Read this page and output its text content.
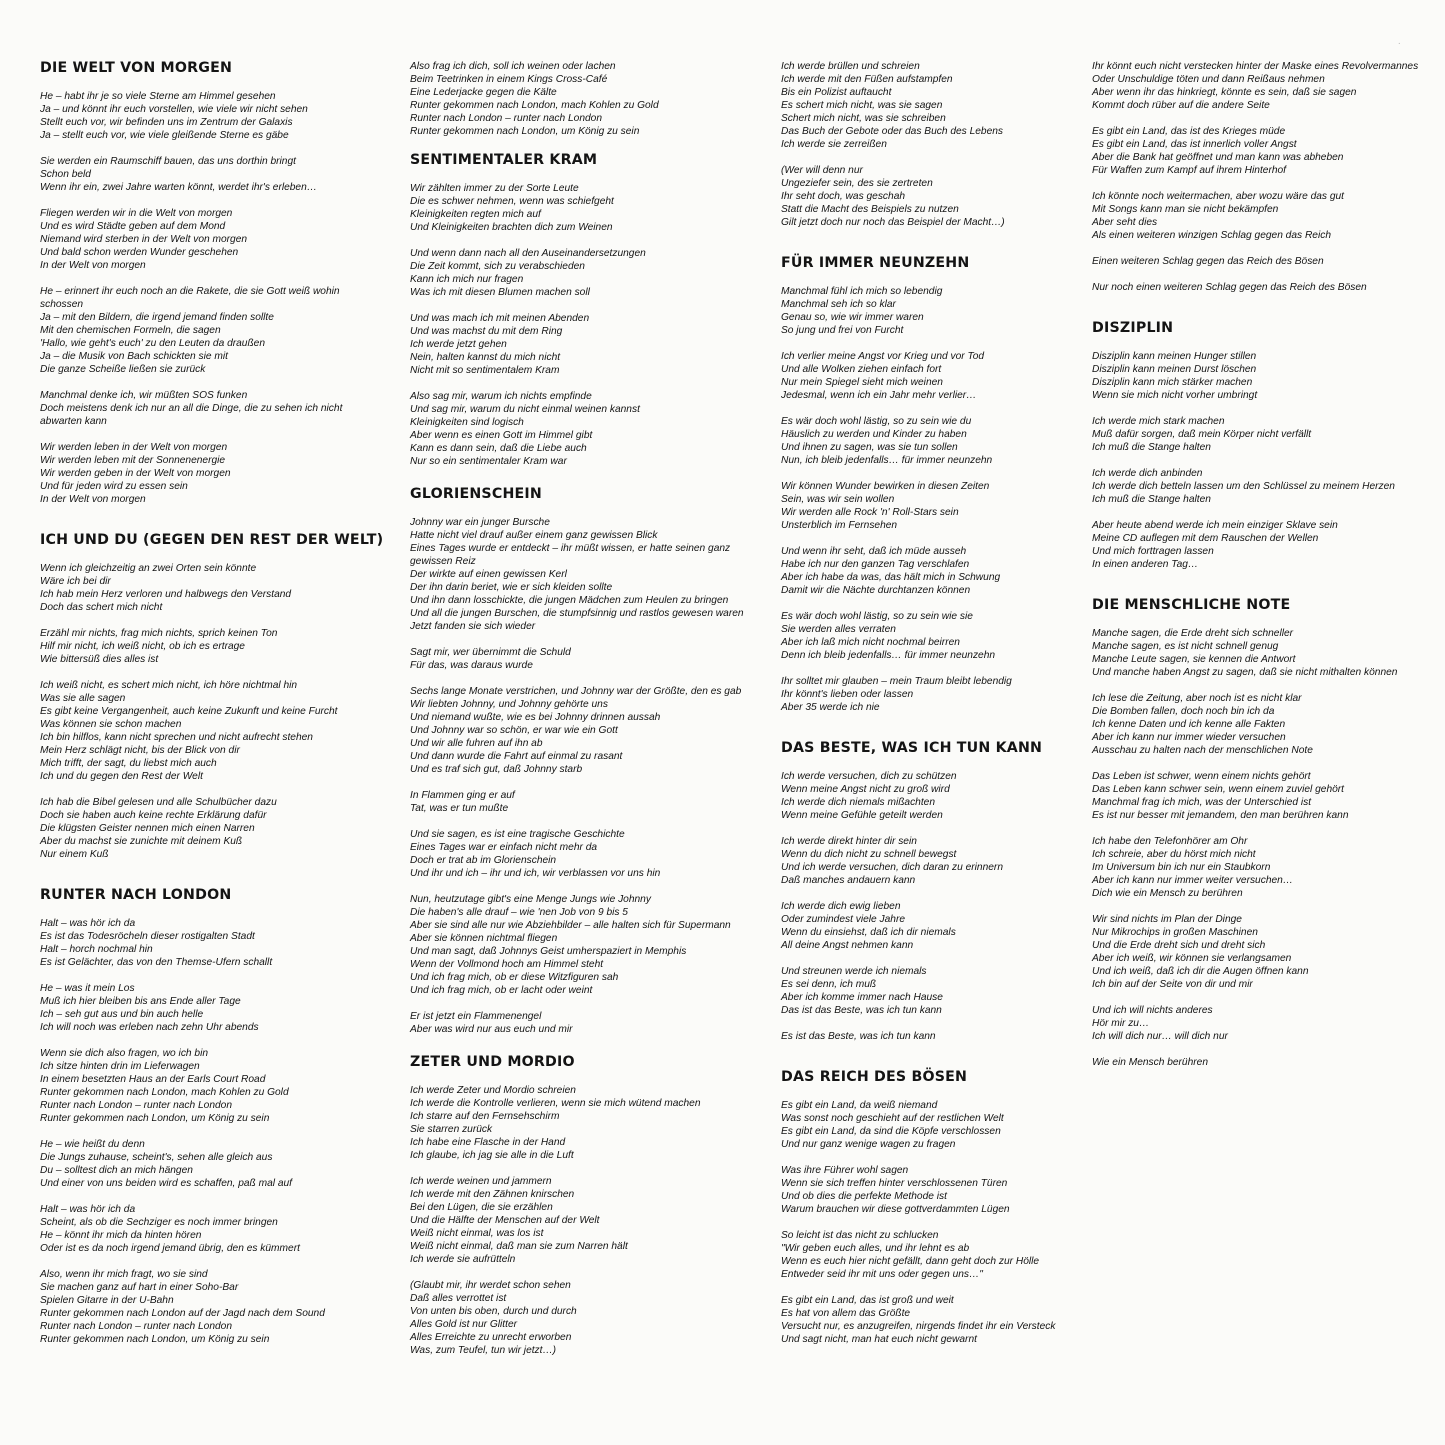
·
DIE WELT VON MORGEN
He – habt ihr je so viele Sterne am Himmel gesehen
Ja – und könnt ihr euch vorstellen, wie viele wir nicht sehen
Stellt euch vor, wir befinden uns im Zentrum der Galaxis
Ja – stellt euch vor, wie viele gleißende Sterne es gäbe
Sie werden ein Raumschiff bauen, das uns dorthin bringt
Schon beld
Wenn ihr ein, zwei Jahre warten könnt, werdet ihr's erleben…
Fliegen werden wir in die Welt von morgen
Und es wird Städte geben auf dem Mond
Niemand wird sterben in der Welt von morgen
Und bald schon werden Wunder geschehen
In der Welt von morgen
He – erinnert ihr euch noch an die Rakete, die sie Gott weiß wohin
schossen
Ja – mit den Bildern, die irgend jemand finden sollte
Mit den chemischen Formeln, die sagen
'Hallo, wie geht's euch' zu den Leuten da draußen
Ja – die Musik von Bach schickten sie mit
Die ganze Scheiße ließen sie zurück
Manchmal denke ich, wir müßten SOS funken
Doch meistens denk ich nur an all die Dinge, die zu sehen ich nicht
abwarten kann
Wir werden leben in der Welt von morgen
Wir werden leben mit der Sonnenenergie
Wir werden geben in der Welt von morgen
Und für jeden wird zu essen sein
In der Welt von morgen
ICH UND DU (GEGEN DEN REST DER WELT)
Wenn ich gleichzeitig an zwei Orten sein könnte
Wäre ich bei dir
Ich hab mein Herz verloren und halbwegs den Verstand
Doch das schert mich nicht
Erzähl mir nichts, frag mich nichts, sprich keinen Ton
Hilf mir nicht, ich weiß nicht, ob ich es ertrage
Wie bittersüß dies alles ist
Ich weiß nicht, es schert mich nicht, ich höre nichtmal hin
Was sie alle sagen
Es gibt keine Vergangenheit, auch keine Zukunft und keine Furcht
Was können sie schon machen
Ich bin hilflos, kann nicht sprechen und nicht aufrecht stehen
Mein Herz schlägt nicht, bis der Blick von dir
Mich trifft, der sagt, du liebst mich auch
Ich und du gegen den Rest der Welt
Ich hab die Bibel gelesen und alle Schulbücher dazu
Doch sie haben auch keine rechte Erklärung dafür
Die klügsten Geister nennen mich einen Narren
Aber du machst sie zunichte mit deinem Kuß
Nur einem Kuß
RUNTER NACH LONDON
Halt – was hör ich da
Es ist das Todesröcheln dieser rostigalten Stadt
Halt – horch nochmal hin
Es ist Gelächter, das von den Themse-Ufern schallt
He – was it mein Los
Muß ich hier bleiben bis ans Ende aller Tage
Ich – seh gut aus und bin auch helle
Ich will noch was erleben nach zehn Uhr abends
Wenn sie dich also fragen, wo ich bin
Ich sitze hinten drin im Lieferwagen
In einem besetzten Haus an der Earls Court Road
Runter gekommen nach London, mach Kohlen zu Gold
Runter nach London – runter nach London
Runter gekommen nach London, um König zu sein
He – wie heißt du denn
Die Jungs zuhause, scheint's, sehen alle gleich aus
Du – solltest dich an mich hängen
Und einer von uns beiden wird es schaffen, paß mal auf
Halt – was hör ich da
Scheint, als ob die Sechziger es noch immer bringen
He – könnt ihr mich da hinten hören
Oder ist es da noch irgend jemand übrig, den es kümmert
Also, wenn ihr mich fragt, wo sie sind
Sie machen ganz auf hart in einer Soho-Bar
Spielen Gitarre in der U-Bahn
Runter gekommen nach London auf der Jagd nach dem Sound
Runter nach London – runter nach London
Runter gekommen nach London, um König zu sein
Also frag ich dich, soll ich weinen oder lachen
Beim Teetrinken in einem Kings Cross-Café
Eine Lederjacke gegen die Kälte
Runter gekommen nach London, mach Kohlen zu Gold
Runter nach London – runter nach London
Runter gekommen nach London, um König zu sein
SENTIMENTALER KRAM
Wir zählten immer zu der Sorte Leute
Die es schwer nehmen, wenn was schiefgeht
Kleinigkeiten regten mich auf
Und Kleinigkeiten brachten dich zum Weinen
Und wenn dann nach all den Auseinandersetzungen
Die Zeit kommt, sich zu verabschieden
Kann ich mich nur fragen
Was ich mit diesen Blumen machen soll
Und was mach ich mit meinen Abenden
Und was machst du mit dem Ring
Ich werde jetzt gehen
Nein, halten kannst du mich nicht
Nicht mit so sentimentalem Kram
Also sag mir, warum ich nichts empfinde
Und sag mir, warum du nicht einmal weinen kannst
Kleinigkeiten sind logisch
Aber wenn es einen Gott im Himmel gibt
Kann es dann sein, daß die Liebe auch
Nur so ein sentimentaler Kram war
GLORIENSCHEIN
Johnny war ein junger Bursche
Hatte nicht viel drauf außer einem ganz gewissen Blick
Eines Tages wurde er entdeckt – ihr müßt wissen, er hatte seinen ganz
gewissen Reiz
Der wirkte auf einen gewissen Kerl
Der ihn darin beriet, wie er sich kleiden sollte
Und ihn dann losschickte, die jungen Mädchen zum Heulen zu bringen
Und all die jungen Burschen, die stumpfsinnig und rastlos gewesen waren
Jetzt fanden sie sich wieder
Sagt mir, wer übernimmt die Schuld
Für das, was daraus wurde
Sechs lange Monate verstrichen, und Johnny war der Größte, den es gab
Wir liebten Johnny, und Johnny gehörte uns
Und niemand wußte, wie es bei Johnny drinnen aussah
Und Johnny war so schön, er war wie ein Gott
Und wir alle fuhren auf ihn ab
Und dann wurde die Fahrt auf einmal zu rasant
Und es traf sich gut, daß Johnny starb
In Flammen ging er auf
Tat, was er tun mußte
Und sie sagen, es ist eine tragische Geschichte
Eines Tages war er einfach nicht mehr da
Doch er trat ab im Glorienschein
Und ihr und ich – ihr und ich, wir verblassen vor uns hin
Nun, heutzutage gibt's eine Menge Jungs wie Johnny
Die haben's alle drauf – wie 'nen Job von 9 bis 5
Aber sie sind alle nur wie Abziehbilder – alle halten sich für Supermann
Aber sie können nichtmal fliegen
Und man sagt, daß Johnnys Geist umherspaziert in Memphis
Wenn der Vollmond hoch am Himmel steht
Und ich frag mich, ob er diese Witzfiguren sah
Und ich frag mich, ob er lacht oder weint
Er ist jetzt ein Flammenengel
Aber was wird nur aus euch und mir
ZETER UND MORDIO
Ich werde Zeter und Mordio schreien
Ich werde die Kontrolle verlieren, wenn sie mich wütend machen
Ich starre auf den Fernsehschirm
Sie starren zurück
Ich habe eine Flasche in der Hand
Ich glaube, ich jag sie alle in die Luft
Ich werde weinen und jammern
Ich werde mit den Zähnen knirschen
Bei den Lügen, die sie erzählen
Und die Hälfte der Menschen auf der Welt
Weiß nicht einmal, was los ist
Weiß nicht einmal, daß man sie zum Narren hält
Ich werde sie aufrütteln
(Glaubt mir, ihr werdet schon sehen
Daß alles verrottet ist
Von unten bis oben, durch und durch
Alles Gold ist nur Glitter
Alles Erreichte zu unrecht erworben
Was, zum Teufel, tun wir jetzt…)
Ich werde brüllen und schreien
Ich werde mit den Füßen aufstampfen
Bis ein Polizist auftaucht
Es schert mich nicht, was sie sagen
Schert mich nicht, was sie schreiben
Das Buch der Gebote oder das Buch des Lebens
Ich werde sie zerreißen
(Wer will denn nur
Ungeziefer sein, des sie zertreten
Ihr seht doch, was geschah
Statt die Macht des Beispiels zu nutzen
Gilt jetzt doch nur noch das Beispiel der Macht…)
FÜR IMMER NEUNZEHN
Manchmal fühl ich mich so lebendig
Manchmal seh ich so klar
Genau so, wie wir immer waren
So jung und frei von Furcht
Ich verlier meine Angst vor Krieg und vor Tod
Und alle Wolken ziehen einfach fort
Nur mein Spiegel sieht mich weinen
Jedesmal, wenn ich ein Jahr mehr verlier…
Es wär doch wohl lästig, so zu sein wie du
Häuslich zu werden und Kinder zu haben
Und ihnen zu sagen, was sie tun sollen
Nun, ich bleib jedenfalls… für immer neunzehn
Wir können Wunder bewirken in diesen Zeiten
Sein, was wir sein wollen
Wir werden alle Rock 'n' Roll-Stars sein
Unsterblich im Fernsehen
Und wenn ihr seht, daß ich müde ausseh
Habe ich nur den ganzen Tag verschlafen
Aber ich habe da was, das hält mich in Schwung
Damit wir die Nächte durchtanzen können
Es wär doch wohl lästig, so zu sein wie sie
Sie werden alles verraten
Aber ich laß mich nicht nochmal beirren
Denn ich bleib jedenfalls… für immer neunzehn
Ihr solltet mir glauben – mein Traum bleibt lebendig
Ihr könnt's lieben oder lassen
Aber 35 werde ich nie
DAS BESTE, WAS ICH TUN KANN
Ich werde versuchen, dich zu schützen
Wenn meine Angst nicht zu groß wird
Ich werde dich niemals mißachten
Wenn meine Gefühle geteilt werden
Ich werde direkt hinter dir sein
Wenn du dich nicht zu schnell bewegst
Und ich werde versuchen, dich daran zu erinnern
Daß manches andauern kann
Ich werde dich ewig lieben
Oder zumindest viele Jahre
Wenn du einsiehst, daß ich dir niemals
All deine Angst nehmen kann
Und streunen werde ich niemals
Es sei denn, ich muß
Aber ich komme immer nach Hause
Das ist das Beste, was ich tun kann
Es ist das Beste, was ich tun kann
DAS REICH DES BÖSEN
Es gibt ein Land, da weiß niemand
Was sonst noch geschieht auf der restlichen Welt
Es gibt ein Land, da sind die Köpfe verschlossen
Und nur ganz wenige wagen zu fragen
Was ihre Führer wohl sagen
Wenn sie sich treffen hinter verschlossenen Türen
Und ob dies die perfekte Methode ist
Warum brauchen wir diese gottverdammten Lügen
So leicht ist das nicht zu schlucken
"Wir geben euch alles, und ihr lehnt es ab
Wenn es euch hier nicht gefällt, dann geht doch zur Hölle
Entweder seid ihr mit uns oder gegen uns…"
Es gibt ein Land, das ist groß und weit
Es hat von allem das Größte
Versucht nur, es anzugreifen, nirgends findet ihr ein Versteck
Und sagt nicht, man hat euch nicht gewarnt
Ihr könnt euch nicht verstecken hinter der Maske eines Revolvermannes
Oder Unschuldige töten und dann Reißaus nehmen
Aber wenn ihr das hinkriegt, könnte es sein, daß sie sagen
Kommt doch rüber auf die andere Seite
Es gibt ein Land, das ist des Krieges müde
Es gibt ein Land, das ist innerlich voller Angst
Aber die Bank hat geöffnet und man kann was abheben
Für Waffen zum Kampf auf ihrem Hinterhof
Ich könnte noch weitermachen, aber wozu wäre das gut
Mit Songs kann man sie nicht bekämpfen
Aber seht dies
Als einen weiteren winzigen Schlag gegen das Reich
Einen weiteren Schlag gegen das Reich des Bösen
Nur noch einen weiteren Schlag gegen das Reich des Bösen
DISZIPLIN
Disziplin kann meinen Hunger stillen
Disziplin kann meinen Durst löschen
Disziplin kann mich stärker machen
Wenn sie mich nicht vorher umbringt
Ich werde mich stark machen
Muß dafür sorgen, daß mein Körper nicht verfällt
Ich muß die Stange halten
Ich werde dich anbinden
Ich werde dich betteln lassen um den Schlüssel zu meinem Herzen
Ich muß die Stange halten
Aber heute abend werde ich mein einziger Sklave sein
Meine CD auflegen mit dem Rauschen der Wellen
Und mich forttragen lassen
In einen anderen Tag…
DIE MENSCHLICHE NOTE
Manche sagen, die Erde dreht sich schneller
Manche sagen, es ist nicht schnell genug
Manche Leute sagen, sie kennen die Antwort
Und manche haben Angst zu sagen, daß sie nicht mithalten können
Ich lese die Zeitung, aber noch ist es nicht klar
Die Bomben fallen, doch noch bin ich da
Ich kenne Daten und ich kenne alle Fakten
Aber ich kann nur immer wieder versuchen
Ausschau zu halten nach der menschlichen Note
Das Leben ist schwer, wenn einem nichts gehört
Das Leben kann schwer sein, wenn einem zuviel gehört
Manchmal frag ich mich, was der Unterschied ist
Es ist nur besser mit jemandem, den man berühren kann
Ich habe den Telefonhörer am Ohr
Ich schreie, aber du hörst mich nicht
Im Universum bin ich nur ein Staubkorn
Aber ich kann nur immer weiter versuchen…
Dich wie ein Mensch zu berühren
Wir sind nichts im Plan der Dinge
Nur Mikrochips in großen Maschinen
Und die Erde dreht sich und dreht sich
Aber ich weiß, wir können sie verlangsamen
Und ich weiß, daß ich dir die Augen öffnen kann
Ich bin auf der Seite von dir und mir
Und ich will nichts anderes
Hör mir zu…
Ich will dich nur… will dich nur
Wie ein Mensch berühren
